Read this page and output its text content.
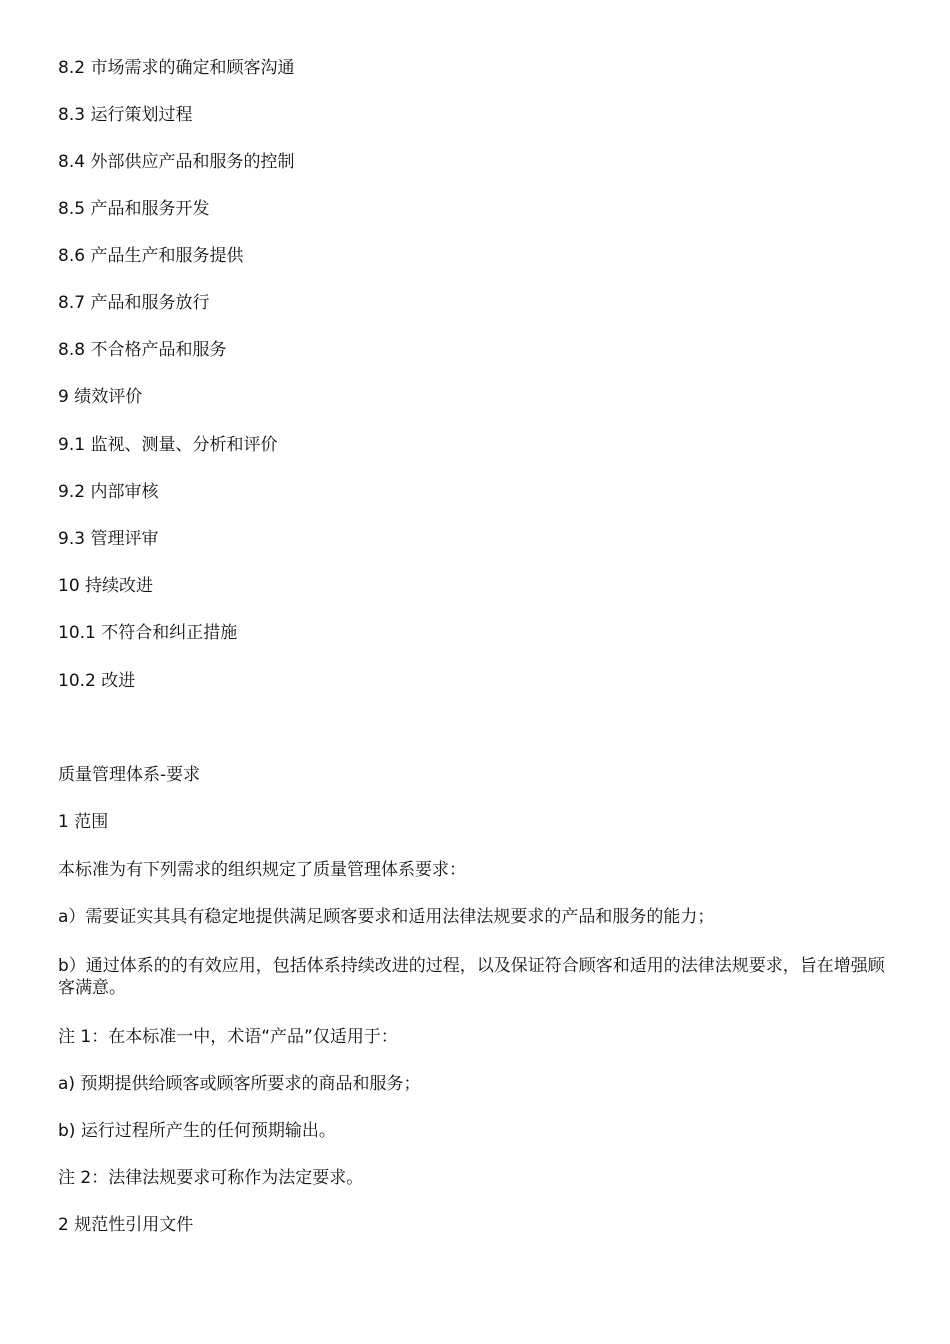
8.2 市场需求的确定和顾客沟通
8.3 运行策划过程
8.4 外部供应产品和服务的控制
8.5 产品和服务开发
8.6 产品生产和服务提供
8.7 产品和服务放行
8.8 不合格产品和服务
9 绩效评价
9.1 监视、测量、分析和评价
9.2 内部审核
9.3 管理评审
10 持续改进
10.1 不符合和纠正措施
10.2 改进
质量管理体系-要求
1 范围
本标准为有下列需求的组织规定了质量管理体系要求：
a）需要证实其具有稳定地提供满足顾客要求和适用法律法规要求的产品和服务的能力；
b）通过体系的的有效应用，包括体系持续改进的过程，以及保证符合顾客和适用的法律法规要求，旨在增强顾客满意。
注 1：在本标准一中，术语“产品”仅适用于：
a) 预期提供给顾客或顾客所要求的商品和服务；
b) 运行过程所产生的任何预期输出。
注 2：法律法规要求可称作为法定要求。
2 规范性引用文件
